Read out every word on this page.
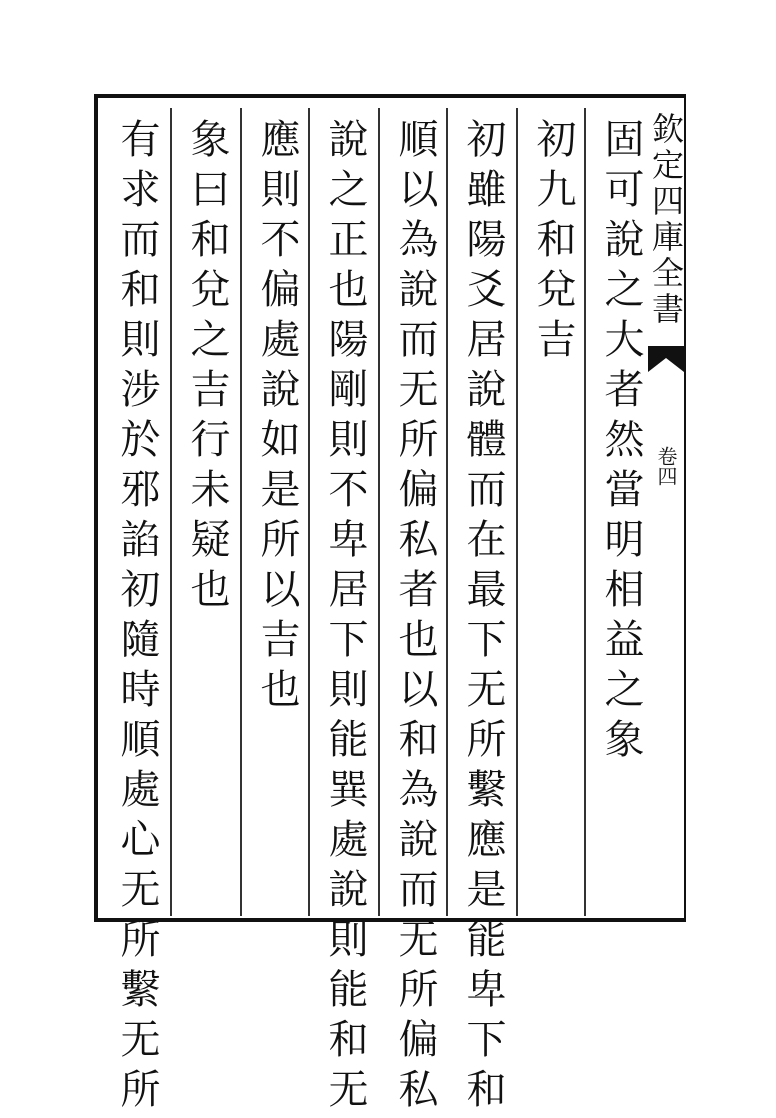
欽定四庫全書
卷四
固可說之大者然當明相益之象
初九和兌吉
初雖陽爻居說體而在最下无所繫應是能卑下和
順以為說而无所偏私者也以和為說而无所偏私
說之正也陽剛則不卑居下則能巽處說則能和无
應則不偏處說如是所以吉也
象曰和兌之吉行未疑也
有求而和則涉於邪諂初隨時順處心无所繫无所
